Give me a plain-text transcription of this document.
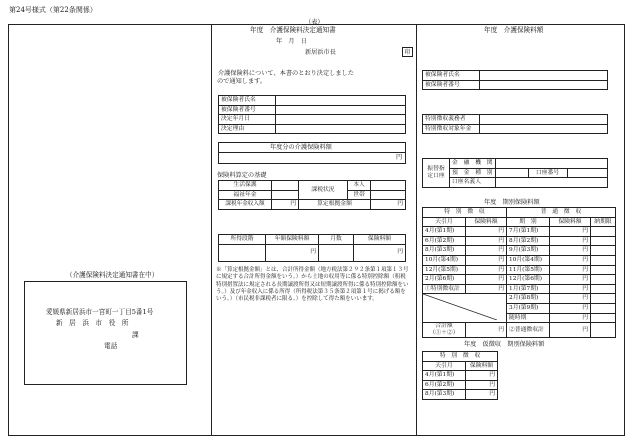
第24号様式（第22条関係）
（表）
（介護保険料決定通知書在中）
愛媛県新居浜市一宮町一丁目5番1号
新　居　浜　市　役　所
課
電話
年度　介護保険料決定通知書
年　月　日
新居浜市長	印
介護保険料について、本書のとおり決定しました
ので通知します。
被保険者氏名	
被保険者番号	
決定年月日	
決定理由	
年度分の介護保険料額
円
保険料算定の基礎
生活保護		課税状況	本人	
福祉年金			世帯	
課税年金収入額	円	算定根拠金額		円
所得段階	年額保険料額	月数	保険料額
	円		円
※「算定根拠金額」とは、合計所得金額（地方税法第２９２条第１項第１３号に規定する合計所得金額をいう。）から土地の収用等に係る特別控除額（租税特別措置法に規定される長期譲渡所得又は短期譲渡所得に係る特別控除額をいう。）及び年金収入に係る所得（所得税法第３５条第２項第１号に掲げる額をいう。）（市民税非課税者に限る。）を控除して得た額をいいます。
年度　介護保険料額
被保険者氏名	
被保険者番号	
特別徴収義務者	
特別徴収対象年金	
振替指定口座	金　融　機　関			
	預　金　種　別		口座番号	
	口座名義人			
年度　期別保険料額
特　別　徴　収		普　通　徴　収		
天引月	保険料額	期　別	保険料額	納期限
4月(第1期)	円	7月(第1期)	円	
6月(第2期)	円	8月(第2期)	円	
8月(第3期)	円	9月(第3期)	円	
10月(第4期)	円	10月(第4期)	円	
12月(第5期)	円	11月(第5期)	円	
2月(第6期)	円	12月(第6期)	円	
①特別徴収計	円	1月(第7期)	円	

	2月(第8期)	円	
		3月(第9期)	円	
		随時期	円	
合計額
（①＋②）	円	②普通徴収計	円	
年度　仮徴収　期別保険料額
特　別　徴　収	
天引月	保険料額
4月(第1期)	円
6月(第2期)	円
8月(第3期)	円
